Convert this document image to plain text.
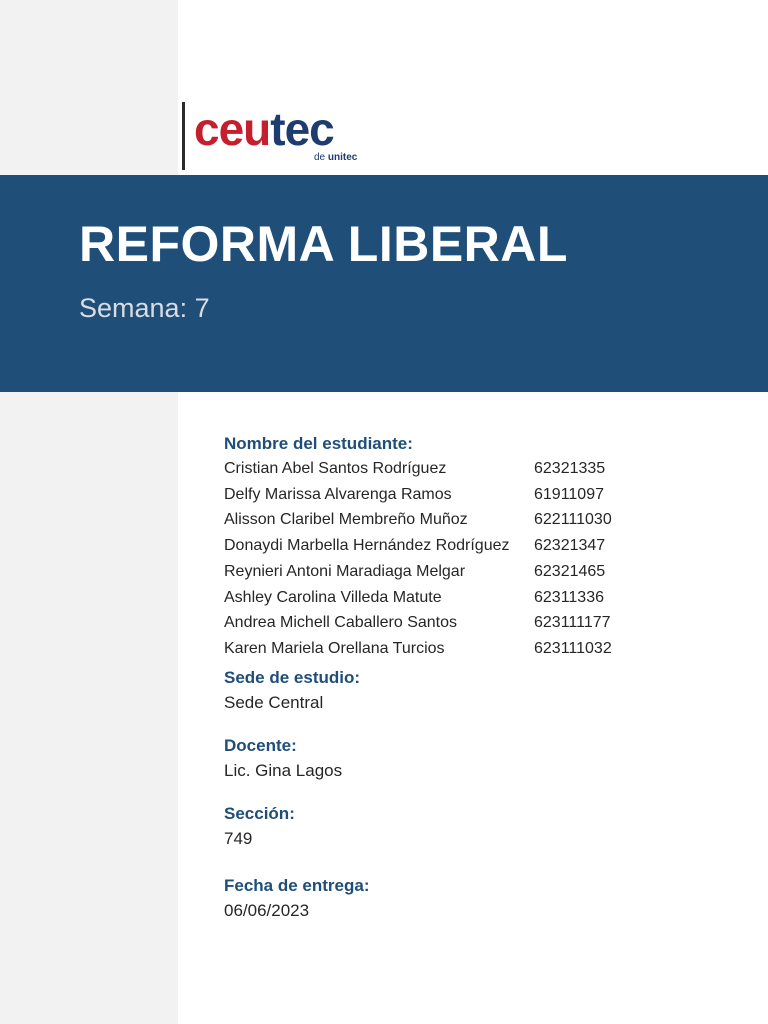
ceutec
de unitec
REFORMA LIBERAL
Semana: 7

Nombre del estudiante:

Cristian Abel Santos Rodríguez	62321335
Delfy Marissa Alvarenga Ramos	61911097
Alisson Claribel Membreño Muñoz	622111030
Donaydi Marbella Hernández Rodríguez	62321347
Reynieri Antoni Maradiaga Melgar	62321465
Ashley Carolina Villeda Matute	62311336
Andrea Michell Caballero Santos	623111177
Karen Mariela Orellana Turcios	623111032

Sede de estudio:

Sede Central

Docente:

Lic. Gina Lagos

Sección:

749

Fecha de entrega:

06/06/2023
